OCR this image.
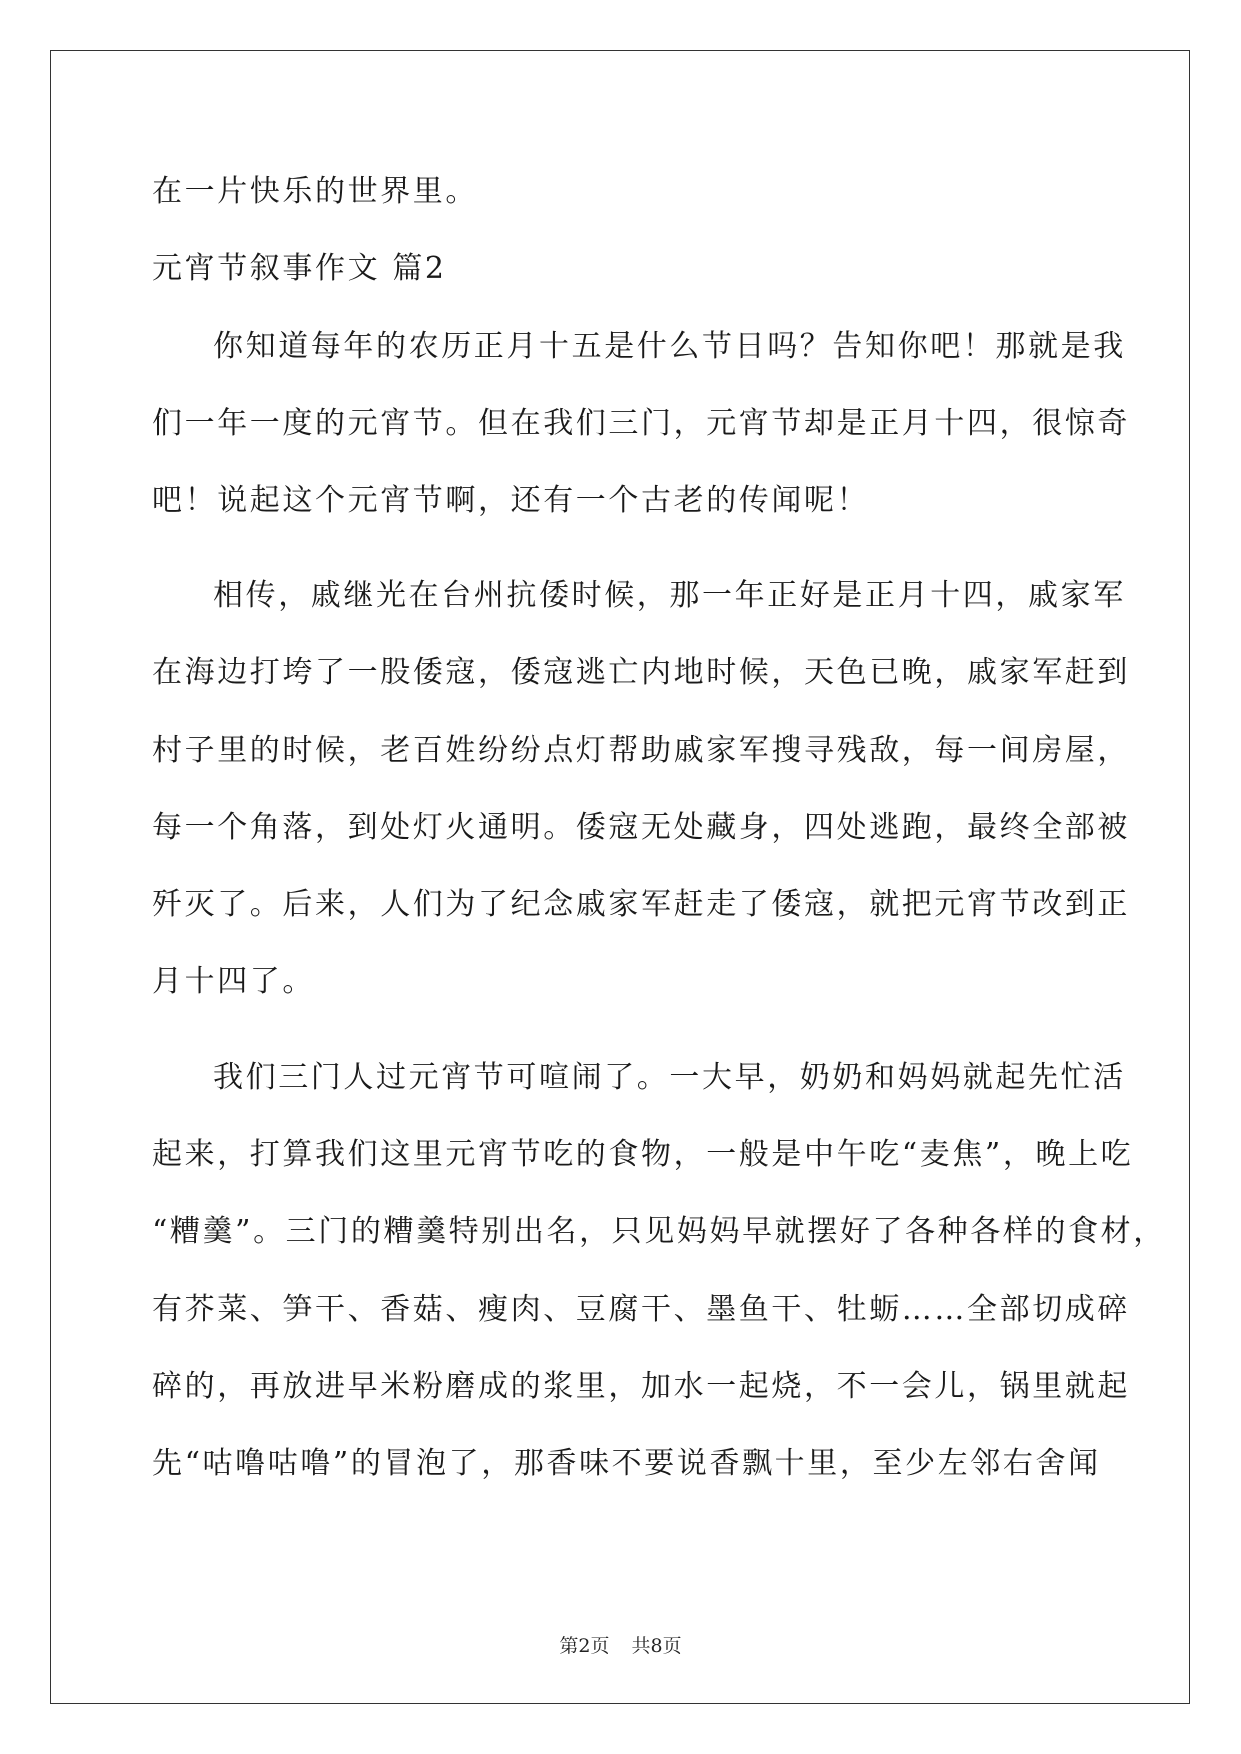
在一片快乐的世界里。
元宵节叙事作文 篇2
你知道每年的农历正月十五是什么节日吗？告知你吧！那就是我
们一年一度的元宵节。但在我们三门，元宵节却是正月十四，很惊奇
吧！说起这个元宵节啊，还有一个古老的传闻呢！
相传，戚继光在台州抗倭时候，那一年正好是正月十四，戚家军
在海边打垮了一股倭寇，倭寇逃亡内地时候，天色已晚，戚家军赶到
村子里的时候，老百姓纷纷点灯帮助戚家军搜寻残敌，每一间房屋，
每一个角落，到处灯火通明。倭寇无处藏身，四处逃跑，最终全部被
歼灭了。后来，人们为了纪念戚家军赶走了倭寇，就把元宵节改到正
月十四了。
我们三门人过元宵节可喧闹了。一大早，奶奶和妈妈就起先忙活
起来，打算我们这里元宵节吃的食物，一般是中午吃“麦焦”，晚上吃
“糟羹”。三门的糟羹特别出名，只见妈妈早就摆好了各种各样的食材，
有芥菜、笋干、香菇、瘦肉、豆腐干、墨鱼干、牡蛎……全部切成碎
碎的，再放进早米粉磨成的浆里，加水一起烧，不一会儿，锅里就起
先“咕噜咕噜”的冒泡了，那香味不要说香飘十里，至少左邻右舍闻
第2页 共8页
